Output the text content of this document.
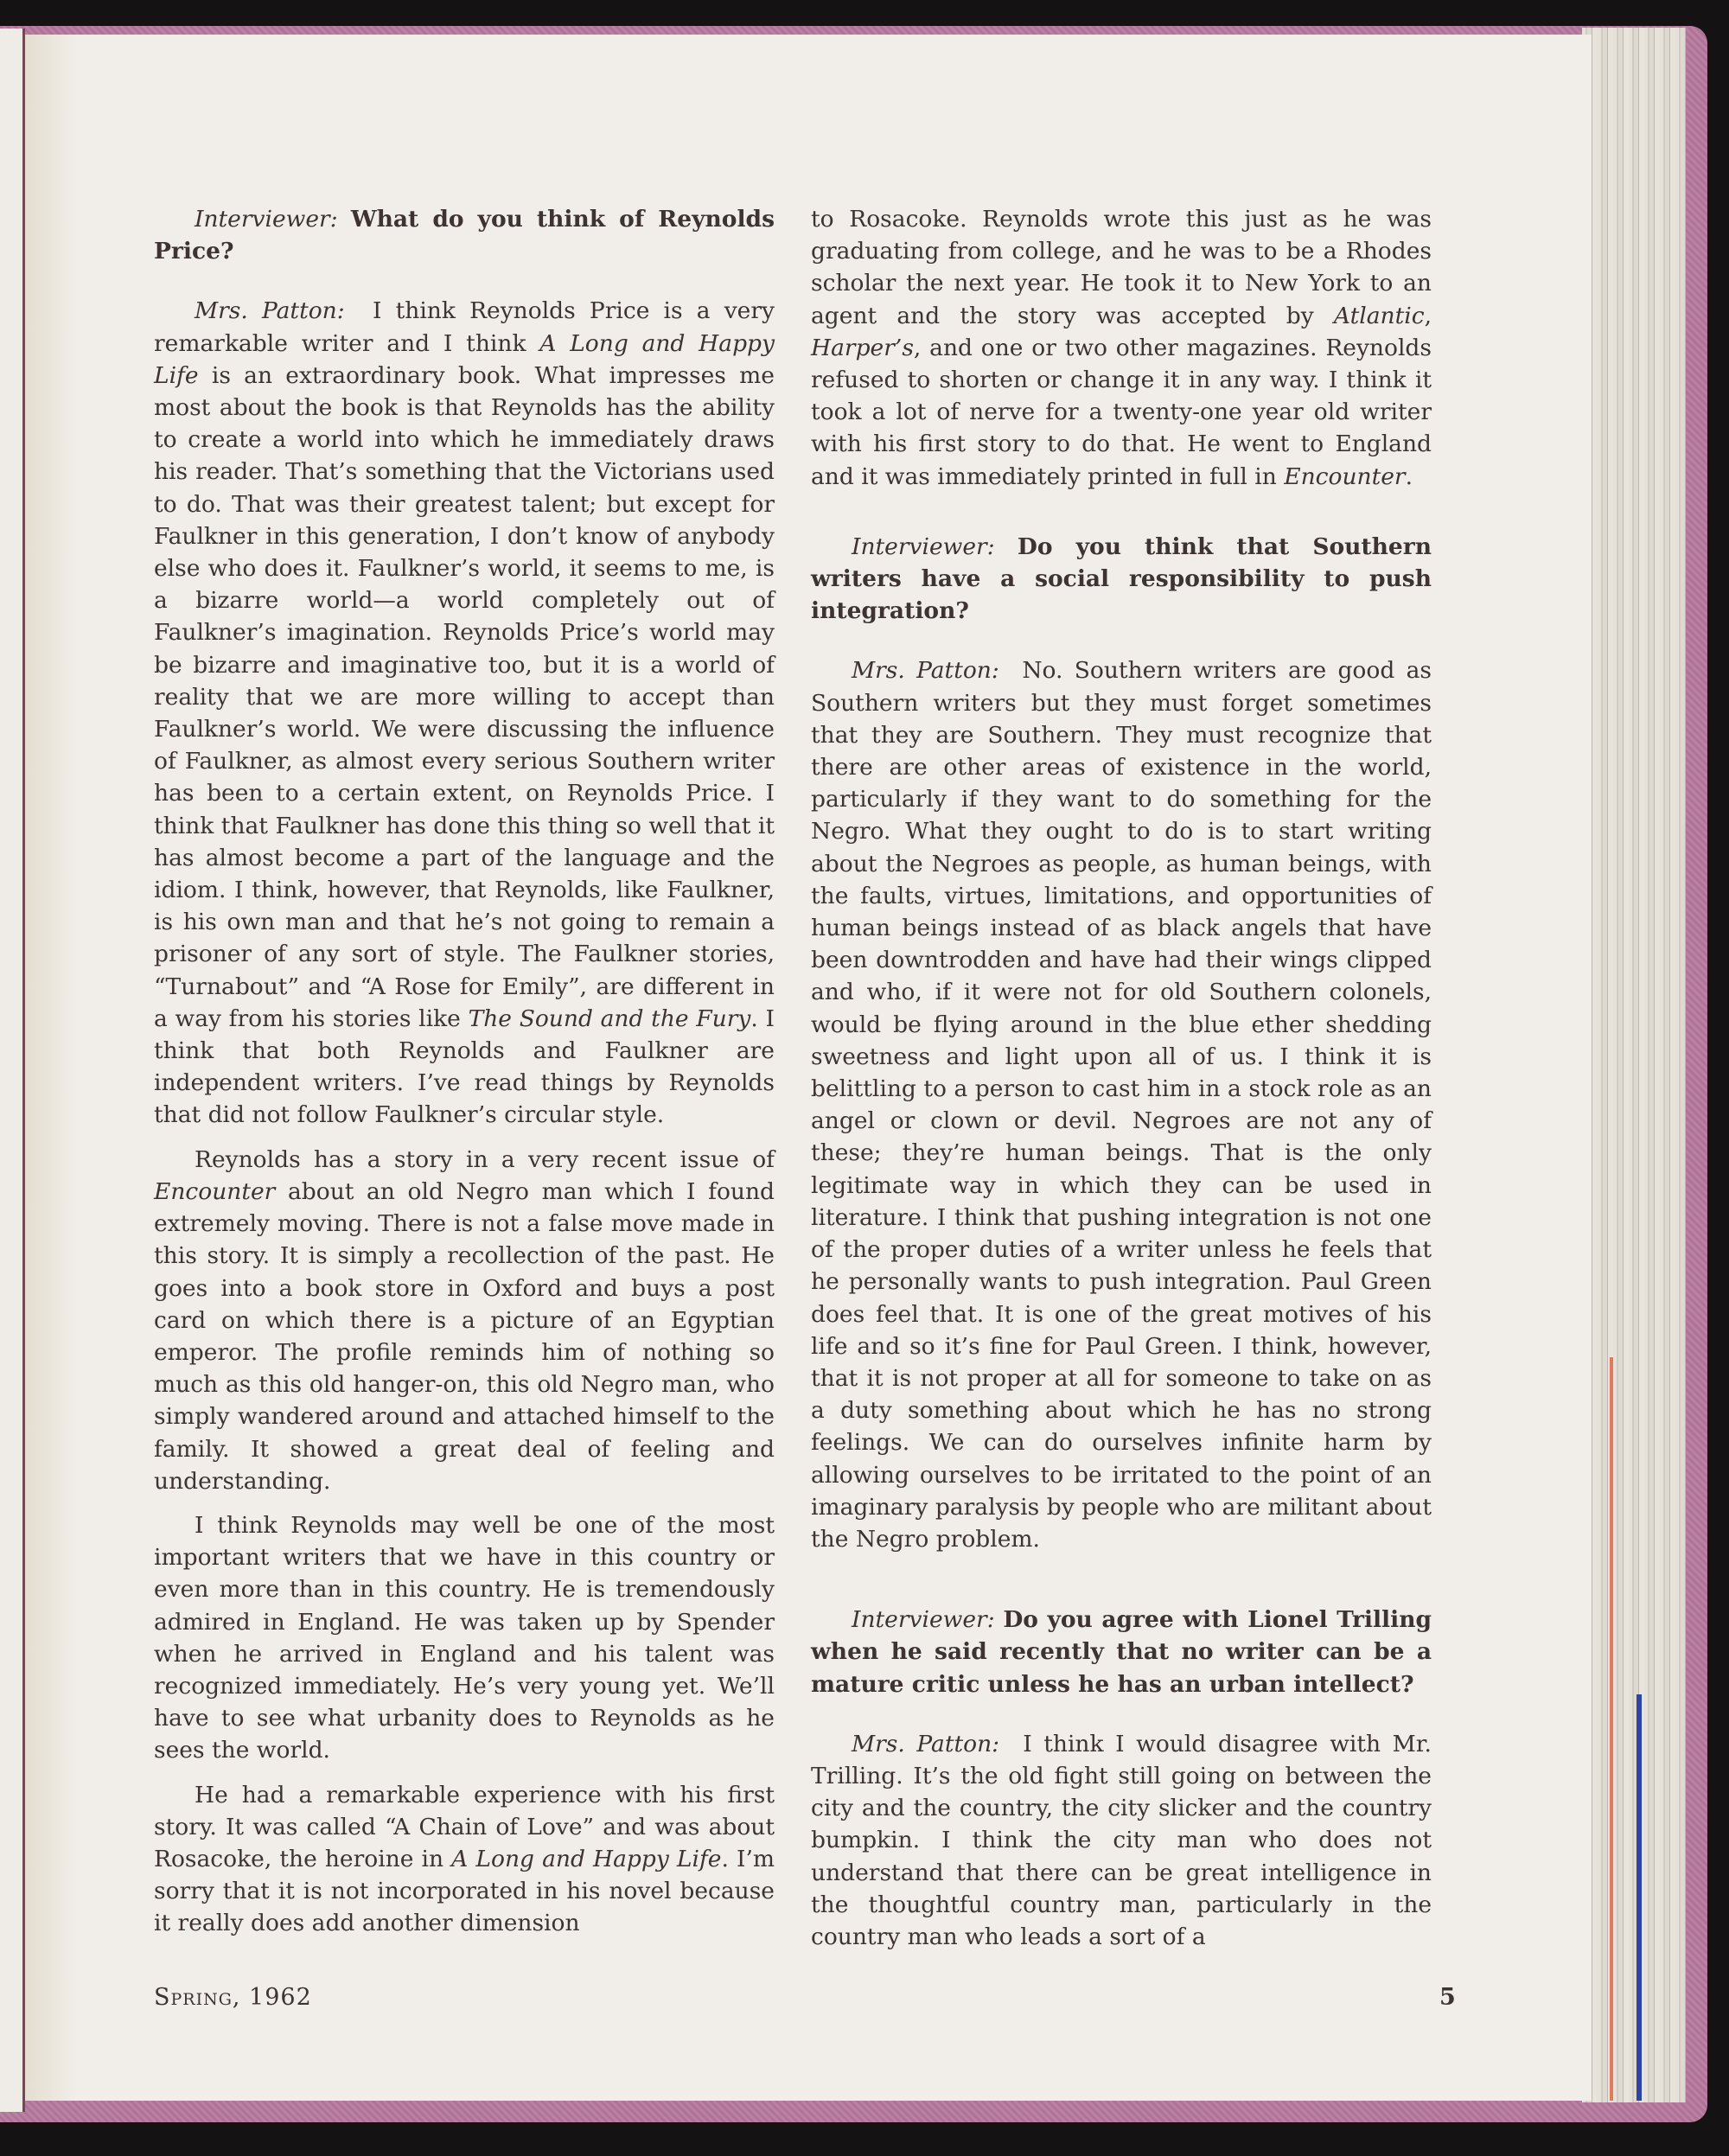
Interviewer: What do you think of Reynolds Price?

Mrs. Patton: I think Reynolds Price is a very remarkable writer and I think A Long and Happy Life is an extraordinary book. What impresses me most about the book is that Reynolds has the ability to create a world into which he immediately draws his reader. That’s something that the Victorians used to do. That was their greatest talent; but except for Faulkner in this generation, I don’t know of anybody else who does it. Faulkner’s world, it seems to me, is a bizarre world—a world completely out of Faulkner’s imagination. Reynolds Price’s world may be bizarre and imaginative too, but it is a world of reality that we are more willing to accept than Faulkner’s world. We were discussing the influence of Faulkner, as almost every serious Southern writer has been to a certain extent, on Reynolds Price. I think that Faulkner has done this thing so well that it has almost become a part of the language and the idiom. I think, however, that Reynolds, like Faulkner, is his own man and that he’s not going to remain a prisoner of any sort of style. The Faulkner stories, “Turnabout” and “A Rose for Emily”, are different in a way from his stories like The Sound and the Fury. I think that both Reynolds and Faulkner are independent writers. I’ve read things by Reynolds that did not follow Faulkner’s circular style.

Reynolds has a story in a very recent issue of Encounter about an old Negro man which I found extremely moving. There is not a false move made in this story. It is simply a recollection of the past. He goes into a book store in Oxford and buys a post card on which there is a picture of an Egyptian emperor. The profile reminds him of nothing so much as this old hanger-on, this old Negro man, who simply wandered around and attached himself to the family. It showed a great deal of feeling and understanding.

I think Reynolds may well be one of the most important writers that we have in this country or even more than in this country. He is tremendously admired in England. He was taken up by Spender when he arrived in England and his talent was recognized immediately. He’s very young yet. We’ll have to see what urbanity does to Reynolds as he sees the world.

He had a remarkable experience with his first story. It was called “A Chain of Love” and was about Rosacoke, the heroine in A Long and Happy Life. I’m sorry that it is not incorporated in his novel because it really does add another dimension

to Rosacoke. Reynolds wrote this just as he was graduating from college, and he was to be a Rhodes scholar the next year. He took it to New York to an agent and the story was accepted by Atlantic, Harper’s, and one or two other magazines. Reynolds refused to shorten or change it in any way. I think it took a lot of nerve for a twenty-one year old writer with his first story to do that. He went to England and it was immediately printed in full in Encounter.

Interviewer: Do you think that Southern writers have a social responsibility to push integration?

Mrs. Patton: No. Southern writers are good as Southern writers but they must forget sometimes that they are Southern. They must recognize that there are other areas of existence in the world, particularly if they want to do something for the Negro. What they ought to do is to start writing about the Negroes as people, as human beings, with the faults, virtues, limitations, and opportunities of human beings instead of as black angels that have been downtrodden and have had their wings clipped and who, if it were not for old Southern colonels, would be flying around in the blue ether shedding sweetness and light upon all of us. I think it is belittling to a person to cast him in a stock role as an angel or clown or devil. Negroes are not any of these; they’re human beings. That is the only legitimate way in which they can be used in literature. I think that pushing integration is not one of the proper duties of a writer unless he feels that he personally wants to push integration. Paul Green does feel that. It is one of the great motives of his life and so it’s fine for Paul Green. I think, however, that it is not proper at all for someone to take on as a duty something about which he has no strong feelings. We can do ourselves infinite harm by allowing ourselves to be irritated to the point of an imaginary paralysis by people who are militant about the Negro problem.

Interviewer: Do you agree with Lionel Trilling when he said recently that no writer can be a mature critic unless he has an urban intellect?

Mrs. Patton: I think I would disagree with Mr. Trilling. It’s the old fight still going on between the city and the country, the city slicker and the country bumpkin. I think the city man who does not understand that there can be great intelligence in the thoughtful country man, particularly in the country man who leads a sort of a

Spring, 1962	5
